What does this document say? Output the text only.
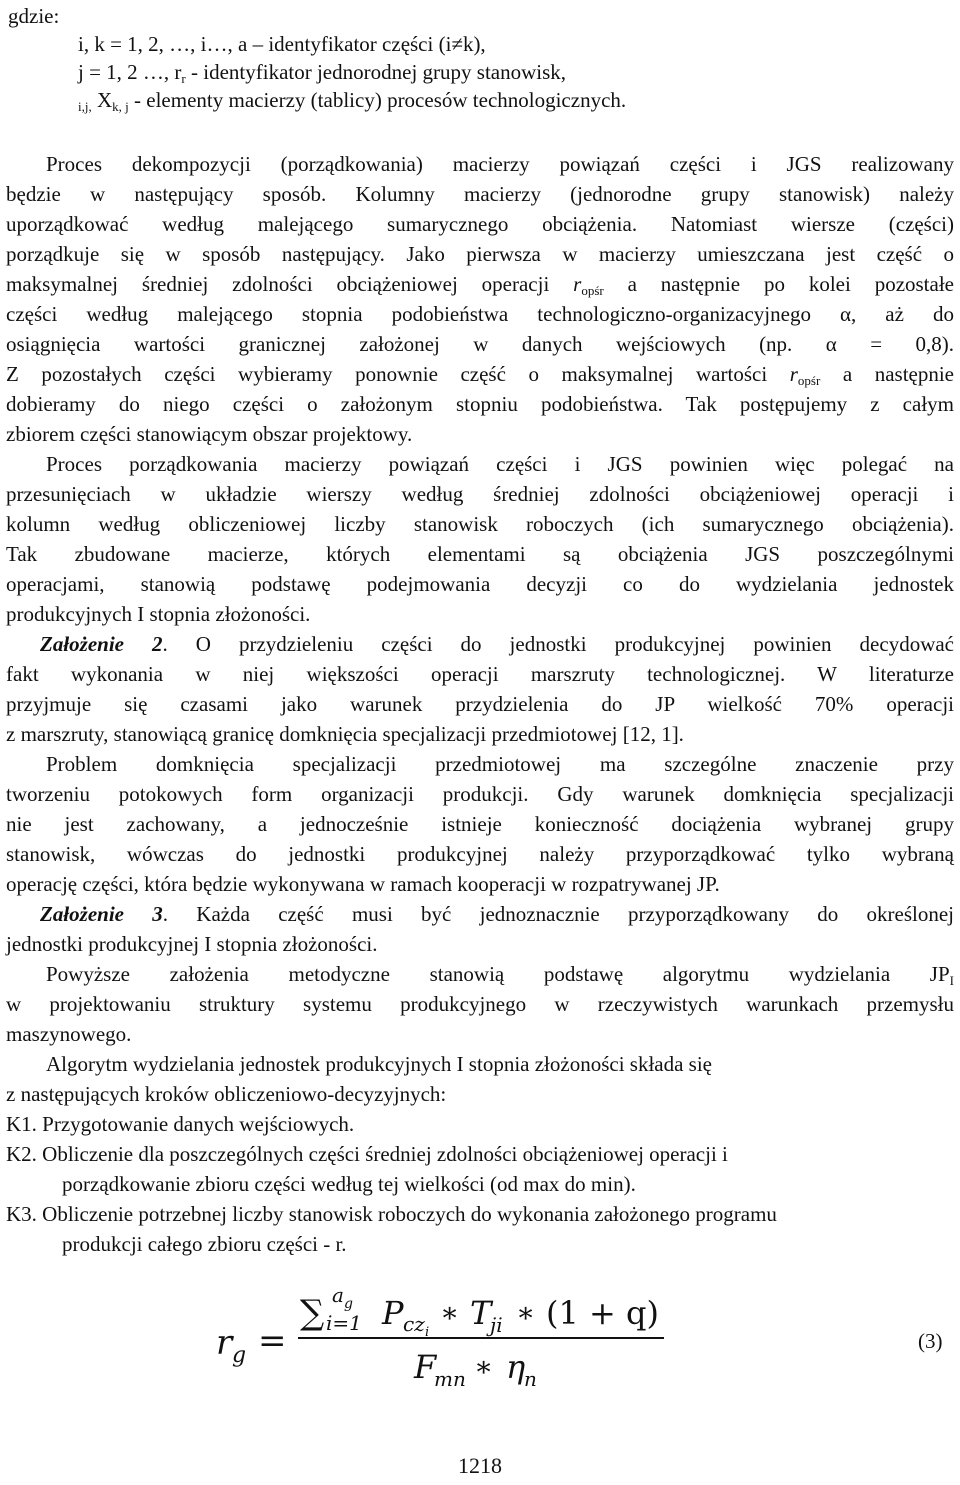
gdzie:

i, k = 1, 2, …, i…, a – identyfikator części (i≠k),

j = 1, 2 …, $r_r$ - identyfikator jednorodnej grupy stanowisk,

$_{i,j,}$ $X_{k, j}$ - elementy macierzy (tablicy) procesów technologicznych.

Proces dekompozycji (porządkowania) macierzy powiązań części i JGS realizowany

będzie w następujący sposób. Kolumny macierzy (jednorodne grupy stanowisk) należy

uporządkować według malejącego sumarycznego obciążenia. Natomiast wiersze (części)

porządkuje się w sposób następujący. Jako pierwsza w macierzy umieszczana jest część o

maksymalnej średniej zdolności obciążeniowej operacji $r_{opśr}$ a następnie po kolei pozostałe

części według malejącego stopnia podobieństwa technologiczno-organizacyjnego α, aż do

osiągnięcia wartości granicznej założonej w danych wejściowych (np. α = 0,8).

Z pozostałych części wybieramy ponownie część o maksymalnej wartości $r_{opśr}$ a następnie

dobieramy do niego części o założonym stopniu podobieństwa. Tak postępujemy z całym

zbiorem części stanowiącym obszar projektowy.

Proces porządkowania macierzy powiązań części i JGS powinien więc polegać na

przesunięciach w układzie wierszy według średniej zdolności obciążeniowej operacji i

kolumn według obliczeniowej liczby stanowisk roboczych (ich sumarycznego obciążenia).

Tak zbudowane macierze, których elementami są obciążenia JGS poszczególnymi

operacjami, stanowią podstawę podejmowania decyzji co do wydzielania jednostek

produkcyjnych I stopnia złożoności.

Założenie 2. O przydzieleniu części do jednostki produkcyjnej powinien decydować

fakt wykonania w niej większości operacji marszruty technologicznej. W literaturze

przyjmuje się czasami jako warunek przydzielenia do JP wielkość 70% operacji

z marszruty, stanowiącą granicę domknięcia specjalizacji przedmiotowej [12, 1].

Problem domknięcia specjalizacji przedmiotowej ma szczególne znaczenie przy

tworzeniu potokowych form organizacji produkcji. Gdy warunek domknięcia specjalizacji

nie jest zachowany, a jednocześnie istnieje konieczność dociążenia wybranej grupy

stanowisk, wówczas do jednostki produkcyjnej należy przyporządkować tylko wybraną

operację części, która będzie wykonywana w ramach kooperacji w rozpatrywanej JP.

Założenie 3. Każda część musi być jednoznacznie przyporządkowany do określonej

jednostki produkcyjnej I stopnia złożoności.

Powyższe założenia metodyczne stanowią podstawę algorytmu wydzielania $JP_I$

w projektowaniu struktury systemu produkcyjnego w rzeczywistych warunkach przemysłu

maszynowego.

Algorytm wydzielania jednostek produkcyjnych I stopnia złożoności składa się

z następujących kroków obliczeniowo-decyzyjnych:

K1. Przygotowanie danych wejściowych.

K2. Obliczenie dla poszczególnych części średniej zdolności obciążeniowej operacji i

porządkowanie zbioru części według tej wielkości (od max do min).

K3. Obliczenie potrzebnej liczby stanowisk roboczych do wykonania założonego programu

produkcji całego zbioru części - r.

r g =
∑ a g
i=1 P cz i
∗ T
ji ∗ (1 + q)
F
mn ∗ η
n
(3)
1218
